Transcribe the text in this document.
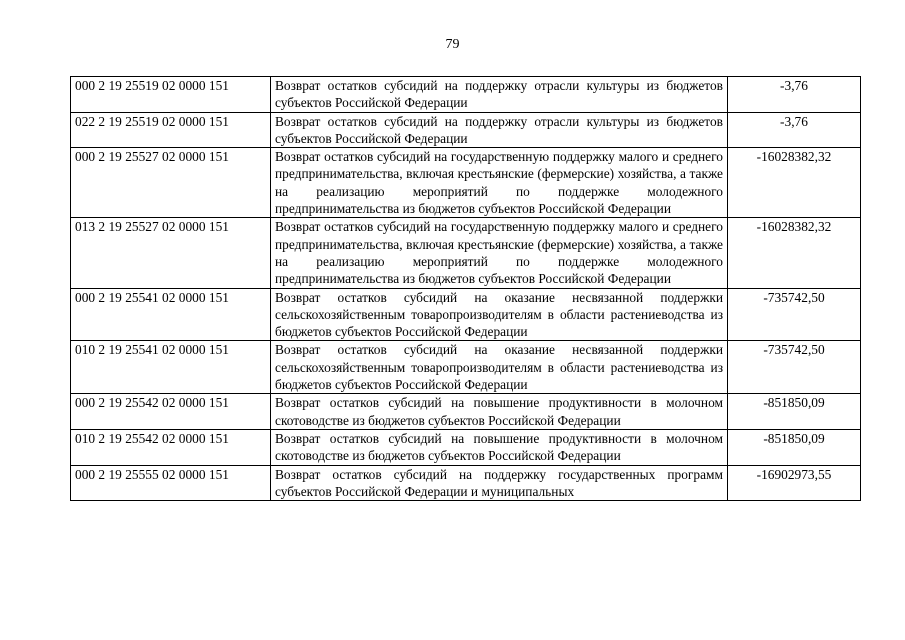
79
000 2 19 25519 02 0000 151	Возврат остатков субсидий на поддержку отрасли культуры из бюджетов субъектов Российской Федерации	-3,76
022 2 19 25519 02 0000 151	Возврат остатков субсидий на поддержку отрасли культуры из бюджетов субъектов Российской Федерации	-3,76
000 2 19 25527 02 0000 151	Возврат остатков субсидий на государственную поддержку малого и среднего предпринимательства, включая крестьянские (фермерские) хозяйства, а также на реализацию мероприятий по поддержке молодежного предпринимательства из бюджетов субъектов Российской Федерации	-16028382,32
013 2 19 25527 02 0000 151	Возврат остатков субсидий на государственную поддержку малого и среднего предпринимательства, включая крестьянские (фермерские) хозяйства, а также на реализацию мероприятий по поддержке молодежного предпринимательства из бюджетов субъектов Российской Федерации	-16028382,32
000 2 19 25541 02 0000 151	Возврат остатков субсидий на оказание несвязанной поддержки сельскохозяйственным товаропроизводителям в области растениеводства из бюджетов субъектов Российской Федерации	-735742,50
010 2 19 25541 02 0000 151	Возврат остатков субсидий на оказание несвязанной поддержки сельскохозяйственным товаропроизводителям в области растениеводства из бюджетов субъектов Российской Федерации	-735742,50
000 2 19 25542 02 0000 151	Возврат остатков субсидий на повышение продуктивности в молочном скотоводстве из бюджетов субъектов Российской Федерации	-851850,09
010 2 19 25542 02 0000 151	Возврат остатков субсидий на повышение продуктивности в молочном скотоводстве из бюджетов субъектов Российской Федерации	-851850,09

000 2 19 25555 02 0000 151	Возврат остатков субсидий на поддержку государственных программ субъектов Российской Федерации и муниципальных	-16902973,55
